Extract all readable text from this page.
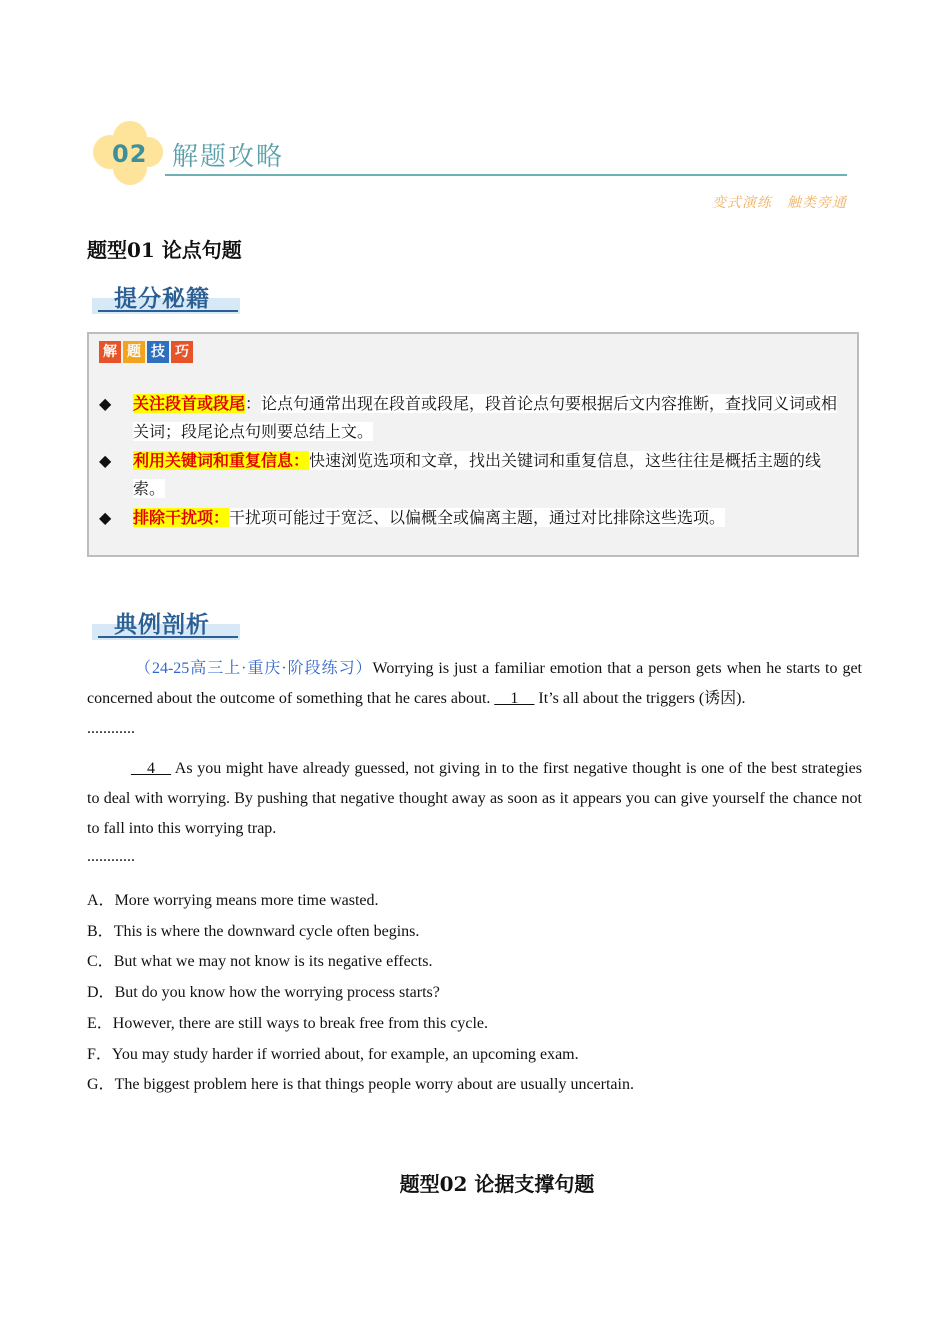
02 解题攻略
变式演练　触类旁通
题型01 论点句题
提分秘籍
解 题 技 巧
◆ 关注段首或段尾：论点句通常出现在段首或段尾，段首论点句要根据后文内容推断，查找同义词或相关词；段尾论点句则要总结上文。
◆ 利用关键词和重复信息：快速浏览选项和文章，找出关键词和重复信息，这些往往是概括主题的线索。
◆ 排除干扰项：干扰项可能过于宽泛、以偏概全或偏离主题，通过对比排除这些选项。
典例剖析
（24-25高三上·重庆·阶段练习）Worrying is just a familiar emotion that a person gets when he starts to get concerned about the outcome of something that he cares about. __1__ It’s all about the triggers (诱因).
............
__4__ As you might have already guessed, not giving in to the first negative thought is one of the best strategies to deal with worrying. By pushing that negative thought away as soon as it appears you can give yourself the chance not to fall into this worrying trap.
............
A．More worrying means more time wasted.
B．This is where the downward cycle often begins.
C．But what we may not know is its negative effects.
D．But do you know how the worrying process starts?
E．However, there are still ways to break free from this cycle.
F．You may study harder if worried about, for example, an upcoming exam.
G．The biggest problem here is that things people worry about are usually uncertain.
题型02 论据支撑句题
